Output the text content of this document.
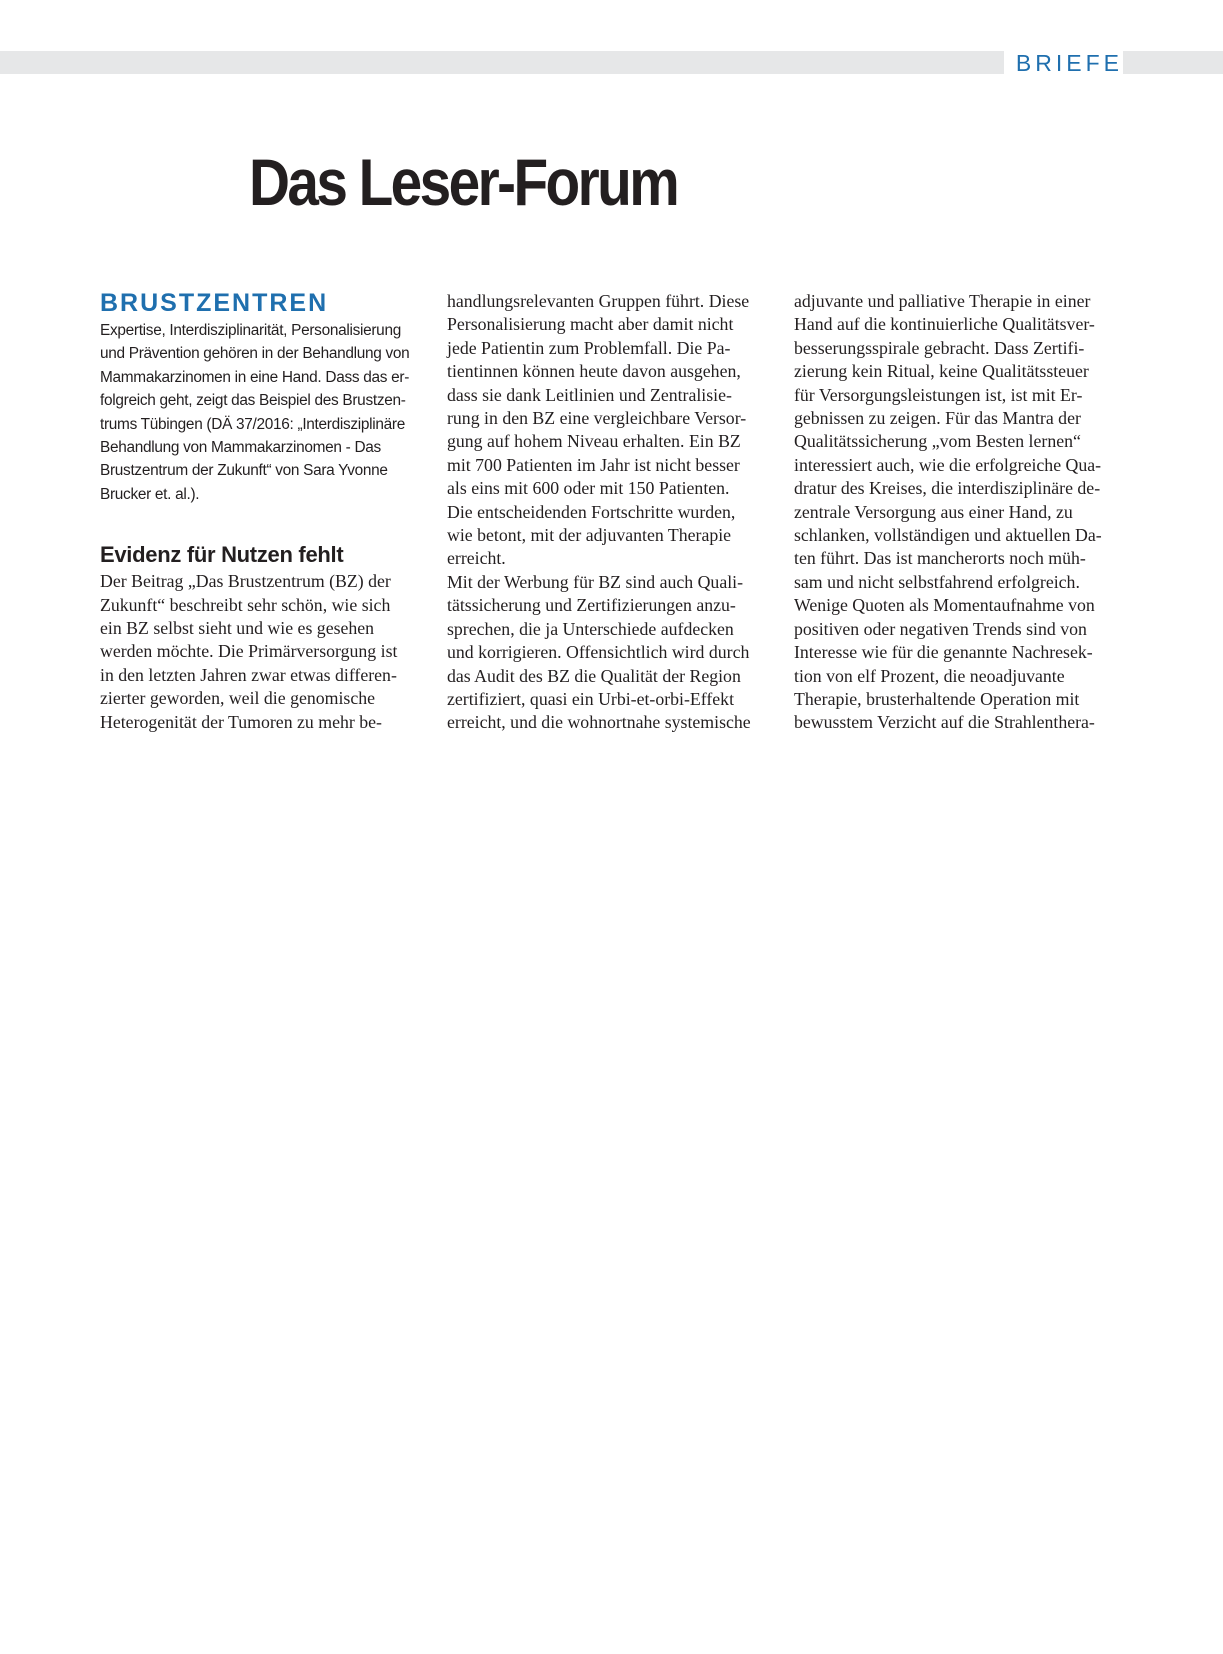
BRIEFE
Das Leser-Forum
BRUSTZENTREN
Expertise, Interdisziplinarität, Personalisierung
und Prävention gehören in der Behandlung von
Mammakarzinomen in eine Hand. Dass das er-
folgreich geht, zeigt das Beispiel des Brustzen-
trums Tübingen (DÄ 37/2016: „Interdisziplinäre
Behandlung von Mammakarzinomen - Das
Brustzentrum der Zukunft“ von Sara Yvonne
Brucker et. al.).
Evidenz für Nutzen fehlt
Der Beitrag „Das Brustzentrum (BZ) der
Zukunft“ beschreibt sehr schön, wie sich
ein BZ selbst sieht und wie es gesehen
werden möchte. Die Primärversorgung ist
in den letzten Jahren zwar etwas differen-
zierter geworden, weil die genomische
Heterogenität der Tumoren zu mehr be-
handlungsrelevanten Gruppen führt. Diese
Personalisierung macht aber damit nicht
jede Patientin zum Problemfall. Die Pa-
tientinnen können heute davon ausgehen,
dass sie dank Leitlinien und Zentralisie-
rung in den BZ eine vergleichbare Versor-
gung auf hohem Niveau erhalten. Ein BZ
mit 700 Patienten im Jahr ist nicht besser
als eins mit 600 oder mit 150 Patienten.
Die entscheidenden Fortschritte wurden,
wie betont, mit der adjuvanten Therapie
erreicht.
Mit der Werbung für BZ sind auch Quali-
tätssicherung und Zertifizierungen anzu-
sprechen, die ja Unterschiede aufdecken
und korrigieren. Offensichtlich wird durch
das Audit des BZ die Qualität der Region
zertifiziert, quasi ein Urbi-et-orbi-Effekt
erreicht, und die wohnortnahe systemische
adjuvante und palliative Therapie in einer
Hand auf die kontinuierliche Qualitätsver-
besserungsspirale gebracht. Dass Zertifi-
zierung kein Ritual, keine Qualitätssteuer
für Versorgungsleistungen ist, ist mit Er-
gebnissen zu zeigen. Für das Mantra der
Qualitätssicherung „vom Besten lernen“
interessiert auch, wie die erfolgreiche Qua-
dratur des Kreises, die interdisziplinäre de-
zentrale Versorgung aus einer Hand, zu
schlanken, vollständigen und aktuellen Da-
ten führt. Das ist mancherorts noch müh-
sam und nicht selbstfahrend erfolgreich.
Wenige Quoten als Momentaufnahme von
positiven oder negativen Trends sind von
Interesse wie für die genannte Nachresek-
tion von elf Prozent, die neoadjuvante
Therapie, brusterhaltende Operation mit
bewusstem Verzicht auf die Strahlenthera-
